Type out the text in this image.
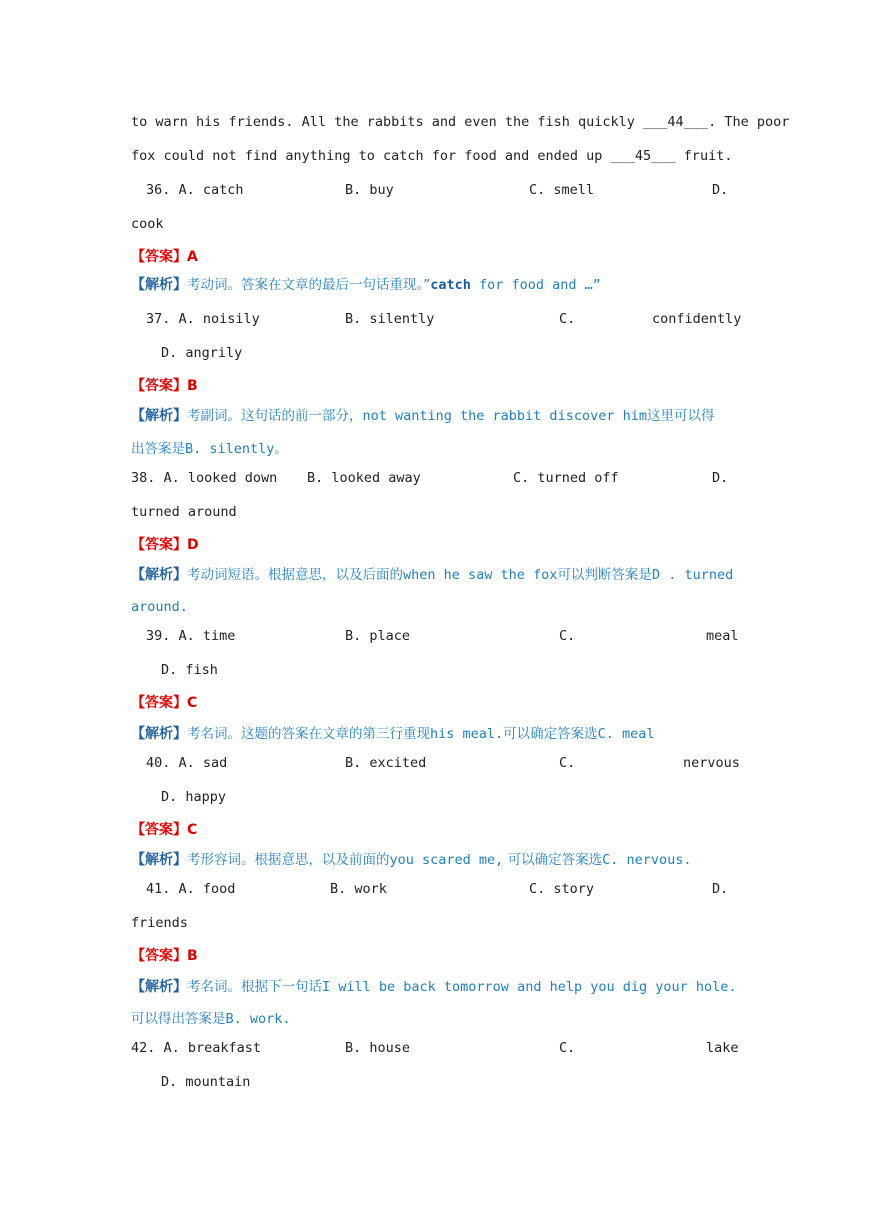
to warn his friends. All the rabbits and even the fish quickly ___44___. The poor
fox could not find anything to catch for food and ended up ___45___ fruit.
36. A. catch	B. buy	C. smell	D.
cook
【答案】A
【解析】考动词。答案在文章的最后一句话重现。”catch for food and …”
37. A. noisily	B. silently	C.	confidently
D. angrily
【答案】B
【解析】考副词。这句话的前一部分，not wanting the rabbit discover him这里可以得
出答案是B. silently。
38. A. looked down B. looked away	C. turned off	D.
turned around
【答案】D
【解析】考动词短语。根据意思，以及后面的when he saw the fox可以判断答案是D . turned
around.
39. A. time	B. place	C.	meal
D. fish
【答案】C
【解析】考名词。这题的答案在文章的第三行重现his meal.可以确定答案选C. meal
40. A. sad	B. excited	C.	nervous
D. happy
【答案】C
【解析】考形容词。根据意思，以及前面的you scared me, 可以确定答案选C. nervous.
41. A. food	B. work	C. story	D.
friends
【答案】B
【解析】考名词。根据下一句话I will be back tomorrow and help you dig your hole.
可以得出答案是B. work.
42. A. breakfast	B. house	C.	lake
D. mountain
